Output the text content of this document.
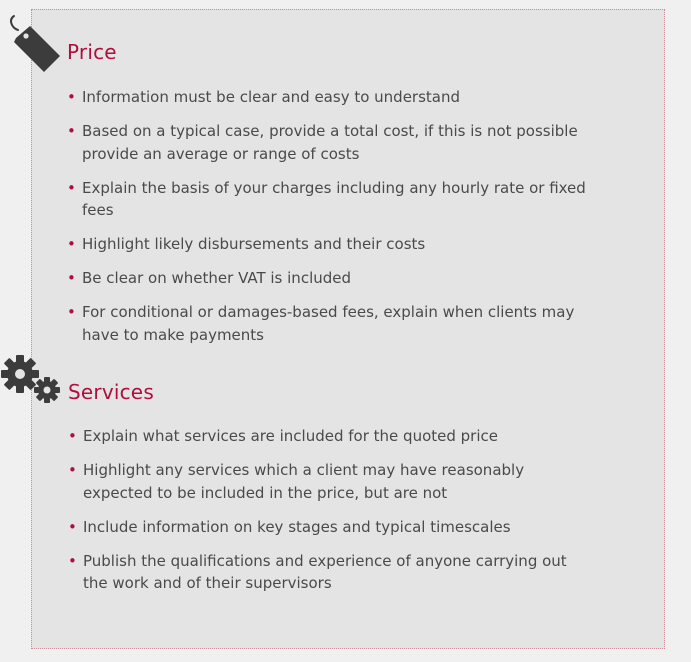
Price
• Information must be clear and easy to understand
• Based on a typical case, provide a total cost, if this is not possible provide an average or range of costs
• Explain the basis of your charges including any hourly rate or fixed fees
• Highlight likely disbursements and their costs
• Be clear on whether VAT is included
• For conditional or damages-based fees, explain when clients may have to make payments
Services
• Explain what services are included for the quoted price
• Highlight any services which a client may have reasonably expected to be included in the price, but are not
• Include information on key stages and typical timescales
• Publish the qualifications and experience of anyone carrying out the work and of their supervisors
